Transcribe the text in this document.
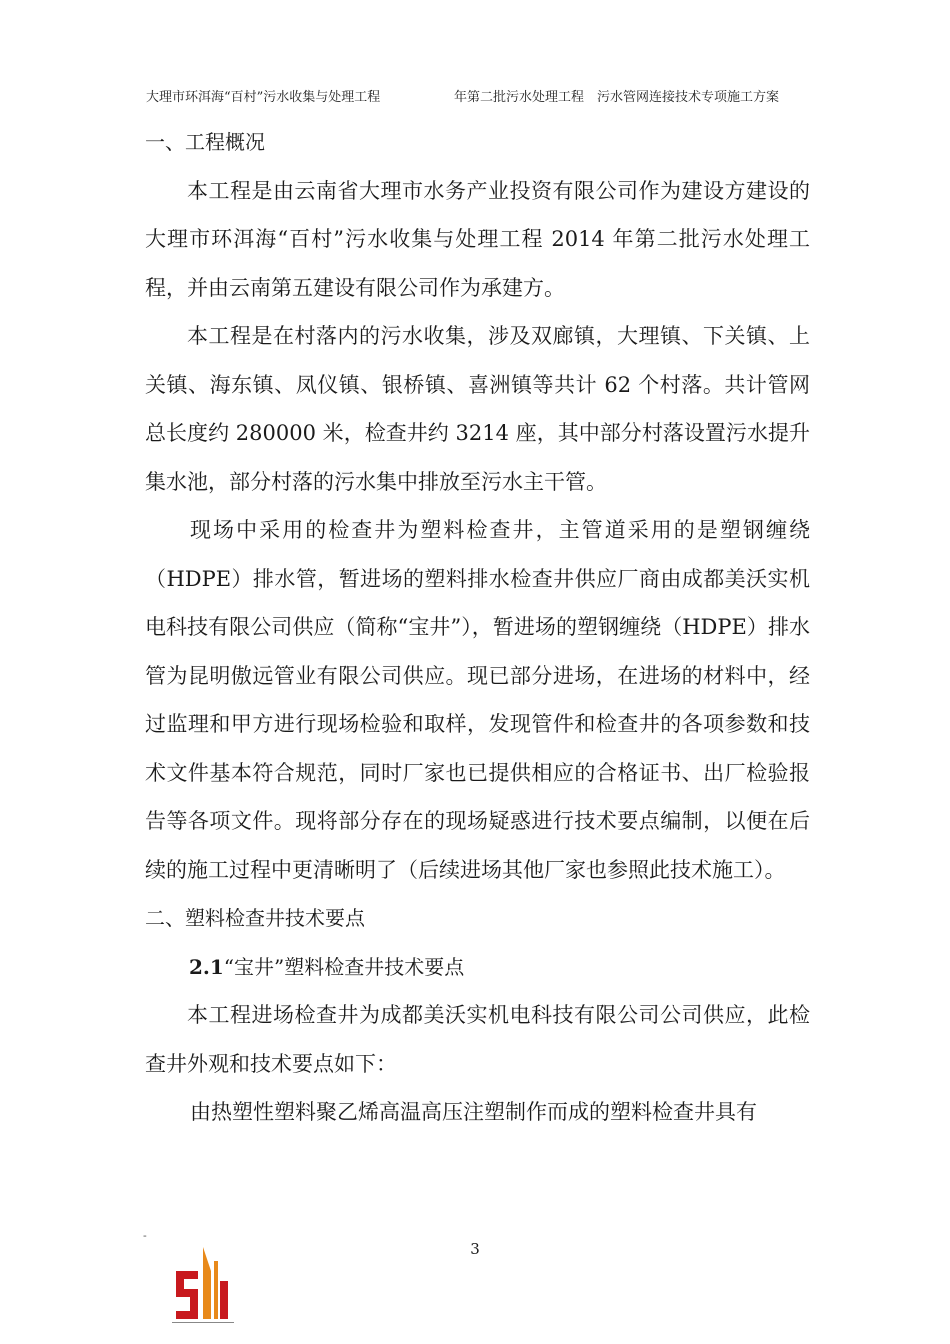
大理市环洱海“百村”污水收集与处理工程	年第二批污水处理工程　污水管网连接技术专项施工方案

一、工程概况

本工程是由云南省大理市水务产业投资有限公司作为建设方建设的大理市环洱海“百村”污水收集与处理工程 2014 年第二批污水处理工程，并由云南第五建设有限公司作为承建方。

本工程是在村落内的污水收集，涉及双廊镇，大理镇、下关镇、上关镇、海东镇、凤仪镇、银桥镇、喜洲镇等共计 62 个村落。共计管网总长度约 280000 米，检查井约 3214 座，其中部分村落设置污水提升集水池，部分村落的污水集中排放至污水主干管。

现场中采用的检查井为塑料检查井，主管道采用的是塑钢缠绕（HDPE）排水管，暂进场的塑料排水检查井供应厂商由成都美沃实机电科技有限公司供应（简称“宝井”），暂进场的塑钢缠绕（HDPE）排水管为昆明傲远管业有限公司供应。现已部分进场，在进场的材料中，经过监理和甲方进行现场检验和取样，发现管件和检查井的各项参数和技术文件基本符合规范，同时厂家也已提供相应的合格证书、出厂检验报告等各项文件。现将部分存在的现场疑惑进行技术要点编制，以便在后续的施工过程中更清晰明了（后续进场其他厂家也参照此技术施工）。

二、塑料检查井技术要点

2.1“宝井”塑料检查井技术要点

本工程进场检查井为成都美沃实机电科技有限公司公司供应，此检查井外观和技术要点如下：

由热塑性塑料聚乙烯高温高压注塑制作而成的塑料检查井具有

-
3
